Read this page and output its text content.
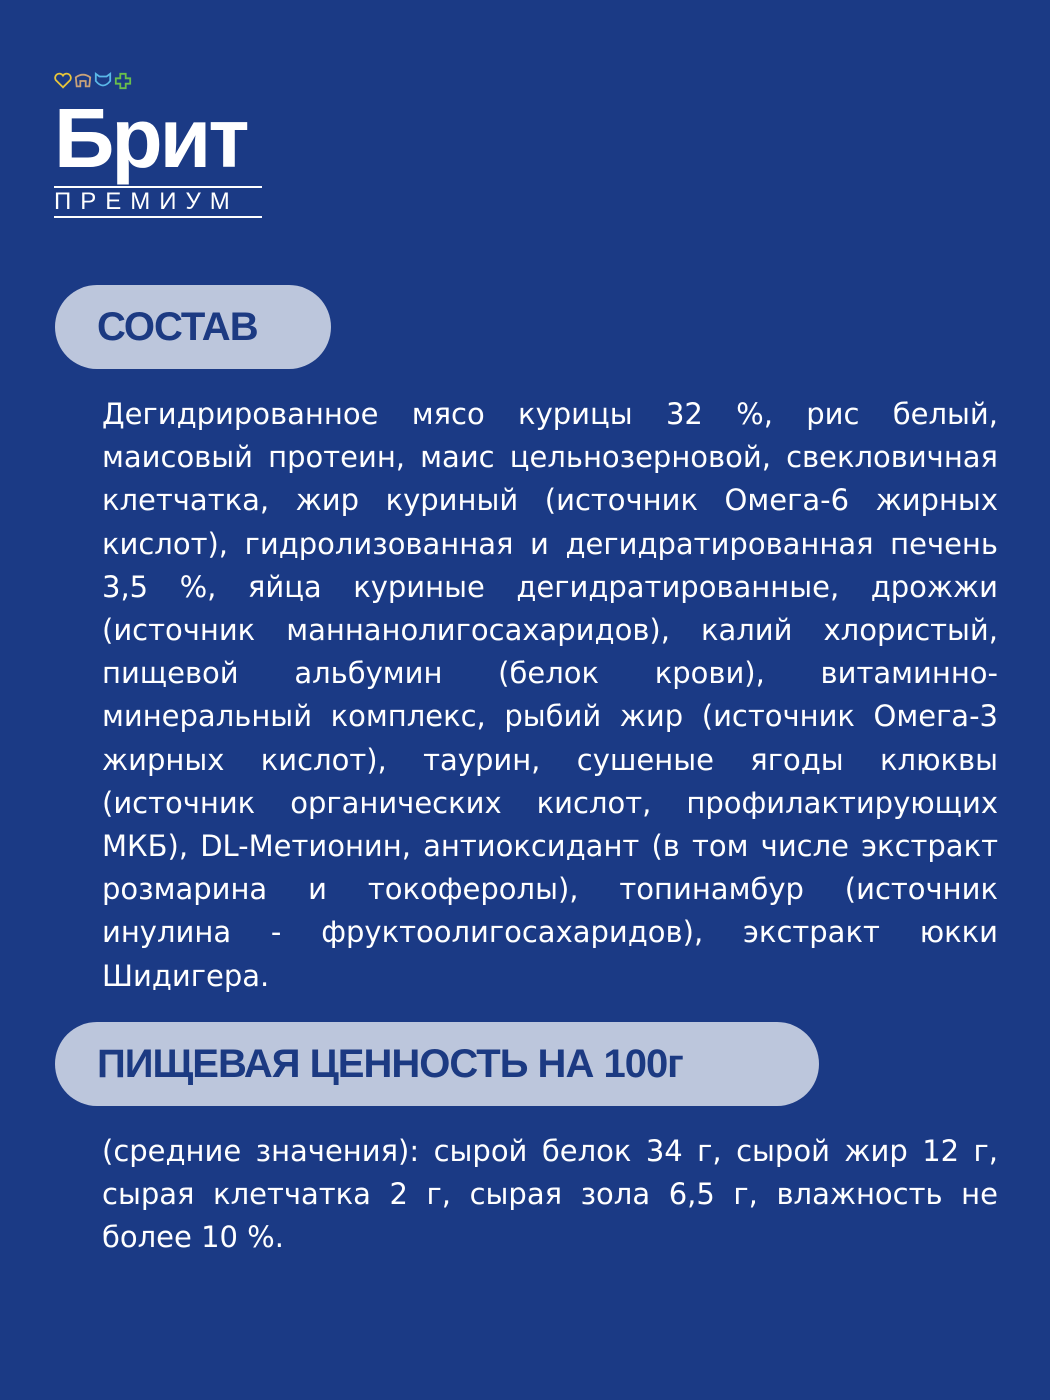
Брит
ПРЕМИУМ
СОСТАВ
Дегидрированное мясо курицы 32 %, рис белый, маисовый протеин, маис цельнозерновой, свекловичная клетчатка, жир куриный (источник Омега-6 жирных кислот), гидролизованная и дегидратированная печень 3,5 %, яйца куриные дегидратированные, дрожжи (источник маннанолигосахаридов), калий хлористый, пищевой альбумин (белок крови), витаминно-минеральный комплекс, рыбий жир (источник Омега-3 жирных кислот), таурин, сушеные ягоды клюквы (источник органических кислот, профилактирующих МКБ), DL-Метионин, антиоксидант (в том числе экстракт розмарина и токоферолы), топинамбур (источник инулина - фруктоолигосахаридов), экстракт юкки Шидигера.
ПИЩЕВАЯ ЦЕННОСТЬ НА 100г
(средние значения): сырой белок 34 г, сырой жир 12 г, сырая клетчатка 2 г, сырая зола 6,5 г, влажность не более 10 %.
